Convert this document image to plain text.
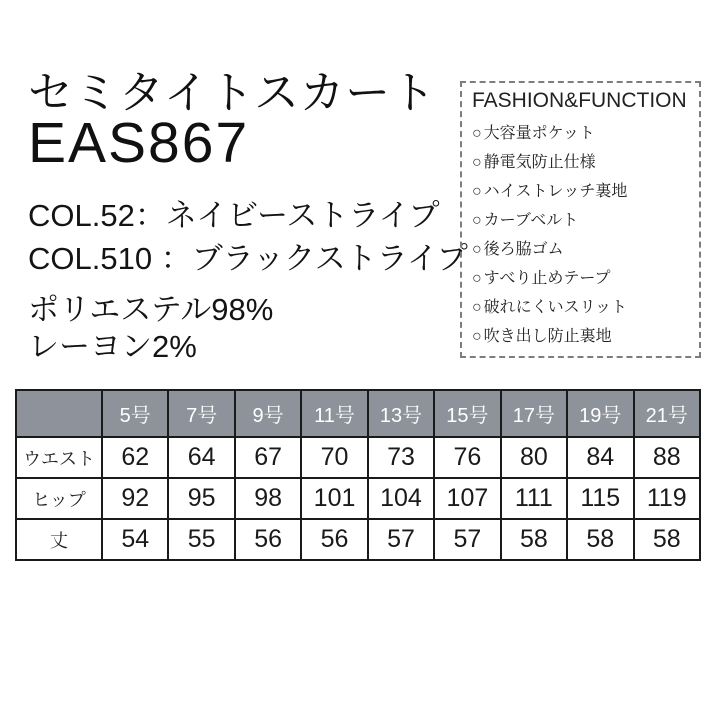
セミタイトスカート
EAS867
COL.52：ネイビーストライプ
COL.510 ：ブラックストライプ
ポリエステル98%
レーヨン2%
FASHION&FUNCTION
○ 大容量ポケット
○ 静電気防止仕様
○ ハイストレッチ裏地
○ カーブベルト
○ 後ろ脇ゴム
○ すべり止めテープ
○ 破れにくいスリット
○ 吹き出し防止裏地
	5号	7号	9号	11号	13号	15号	17号	19号	21号
ウエスト	62	64	67	70	73	76	80	84	88
ヒップ	92	95	98	101	104	107	111	115	119
丈	54	55	56	56	57	57	58	58	58
